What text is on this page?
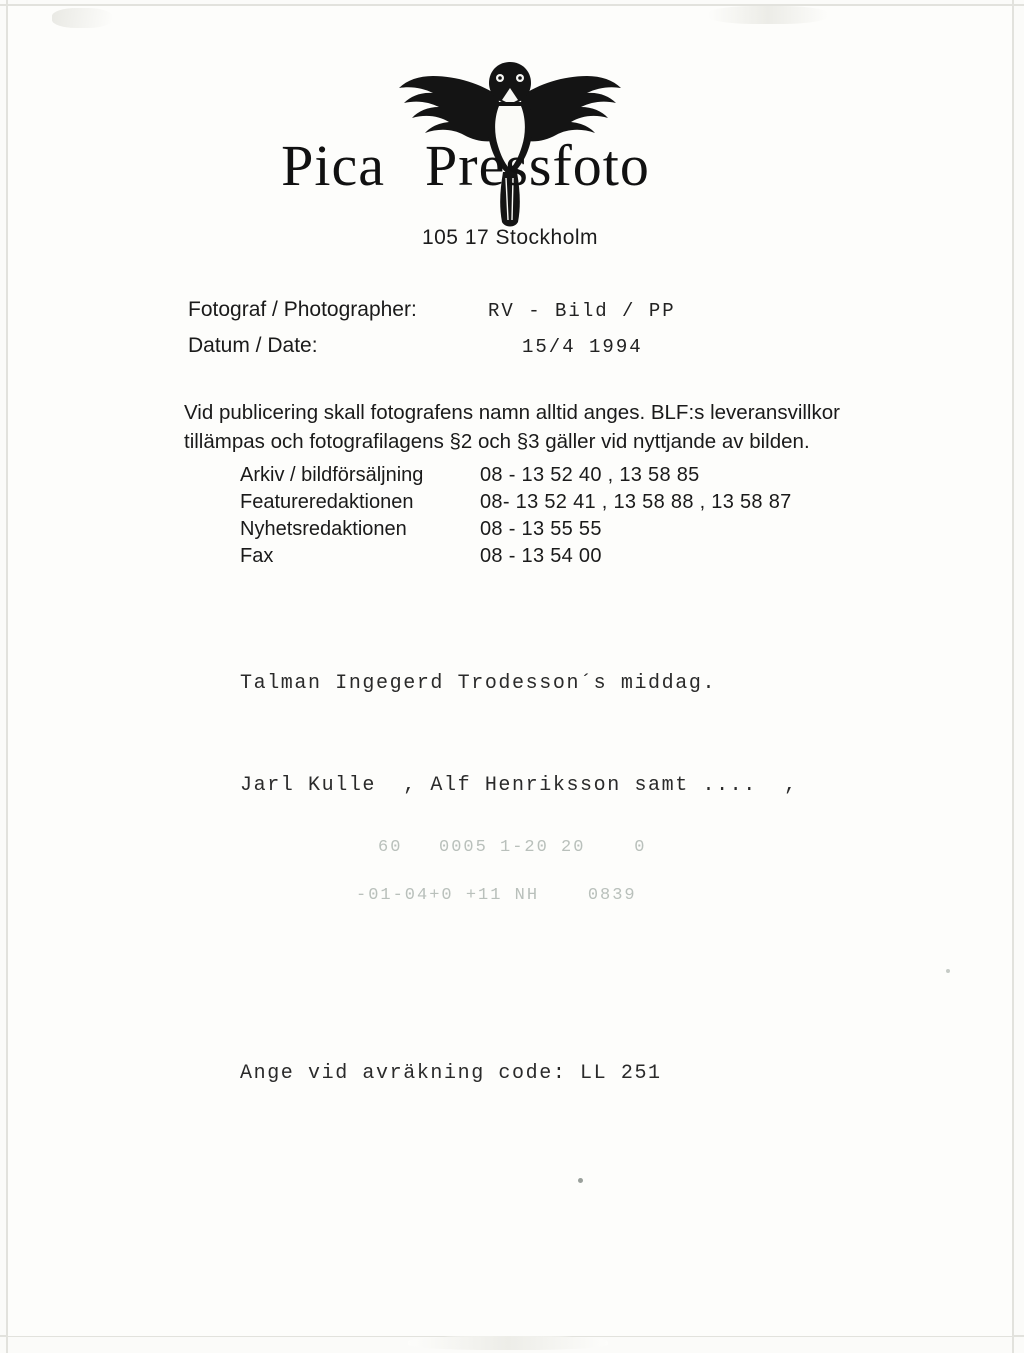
Pica Pressfoto
105 17 Stockholm
Fotograf / Photographer:	RV - Bild / PP
Datum / Date:	15/4 1994
Vid publicering skall fotografens namn alltid anges. BLF:s leveransvillkor
tillämpas och fotografilagens §2 och §3 gäller vid nyttjande av bilden.
Arkiv / bildförsäljning	08 - 13 52 40 , 13 58 85
Featureredaktionen	08- 13 52 41 , 13 58 88 , 13 58 87
Nyhetsredaktionen	08 - 13 55 55
Fax	08 - 13 54 00
Talman Ingegerd Trodesson´s middag.
Jarl Kulle  , Alf Henriksson samt ....  ,
60   0005 1-20 20    0
-01-04+0 +11 NH    0839
Ange vid avräkning code: LL 251
